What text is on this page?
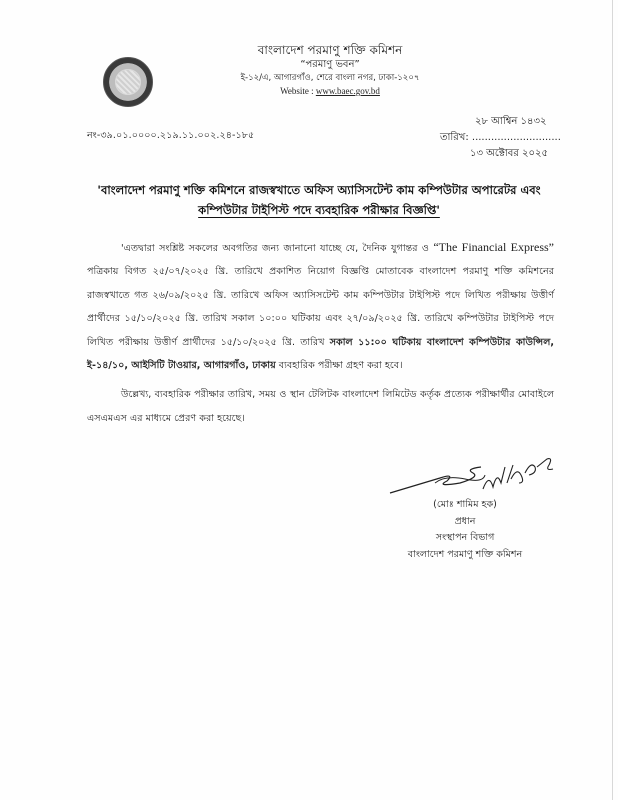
বাংলাদেশ পরমাণু শক্তি কমিশন
“পরমাণু ভবন”
ই-১২/এ, আগারগাঁও, শেরে বাংলা নগর, ঢাকা-১২০৭
Website : www.baec.gov.bd
২৮ আশ্বিন ১৪৩২
তারিখ: ............................
১৩ অক্টোবর ২০২৫
নং-৩৯.০১.০০০০.২১৯.১১.০০২.২৪-১৮৫
'বাংলাদেশ পরমাণু শক্তি কমিশনে রাজস্বখাতে অফিস অ্যাসিসটেন্ট কাম কম্পিউটার অপারেটর এবং
কম্পিউটার টাইপিস্ট পদে ব্যবহারিক পরীক্ষার বিজ্ঞপ্তি'

'এতদ্বারা সংশ্লিষ্ট সকলের অবগতির জন্য জানানো যাচ্ছে যে, দৈনিক যুগান্তর ও “The Financial Express” পত্রিকায় বিগত ২৫/০৭/২০২৫ খ্রি. তারিখে প্রকাশিত নিয়োগ বিজ্ঞপ্তি মোতাবেক বাংলাদেশ পরমাণু শক্তি কমিশনের রাজস্বখাতে গত ২৬/০৯/২০২৫ খ্রি. তারিখে অফিস অ্যাসিসটেন্ট কাম কম্পিউটার টাইপিস্ট পদে লিখিত পরীক্ষায় উত্তীর্ণ প্রার্থীদের ১৫/১০/২০২৫ খ্রি. তারিখ সকাল ১০:০০ ঘটিকায় এবং ২৭/০৯/২০২৫ খ্রি. তারিখে কম্পিউটার টাইপিস্ট পদে লিখিত পরীক্ষায় উত্তীর্ণ প্রার্থীদের ১৫/১০/২০২৫ খ্রি. তারিখ সকাল ১১:০০ ঘটিকায় বাংলাদেশ কম্পিউটার কাউন্সিল, ই-১৪/১০, আইসিটি টাওয়ার, আগারগাঁও, ঢাকায় ব্যবহারিক পরীক্ষা গ্রহণ করা হবে।

উল্লেখ্য, ব্যবহারিক পরীক্ষার তারিখ, সময় ও স্থান টেলিটক বাংলাদেশ লিমিটেড কর্তৃক প্রত্যেক পরীক্ষার্থীর মোবাইলে এসএমএস এর মাধ্যমে প্রেরণ করা হয়েছে।

(মোঃ শামিম হক)
প্রধান
সংস্থাপন বিভাগ
বাংলাদেশ পরমাণু শক্তি কমিশন
